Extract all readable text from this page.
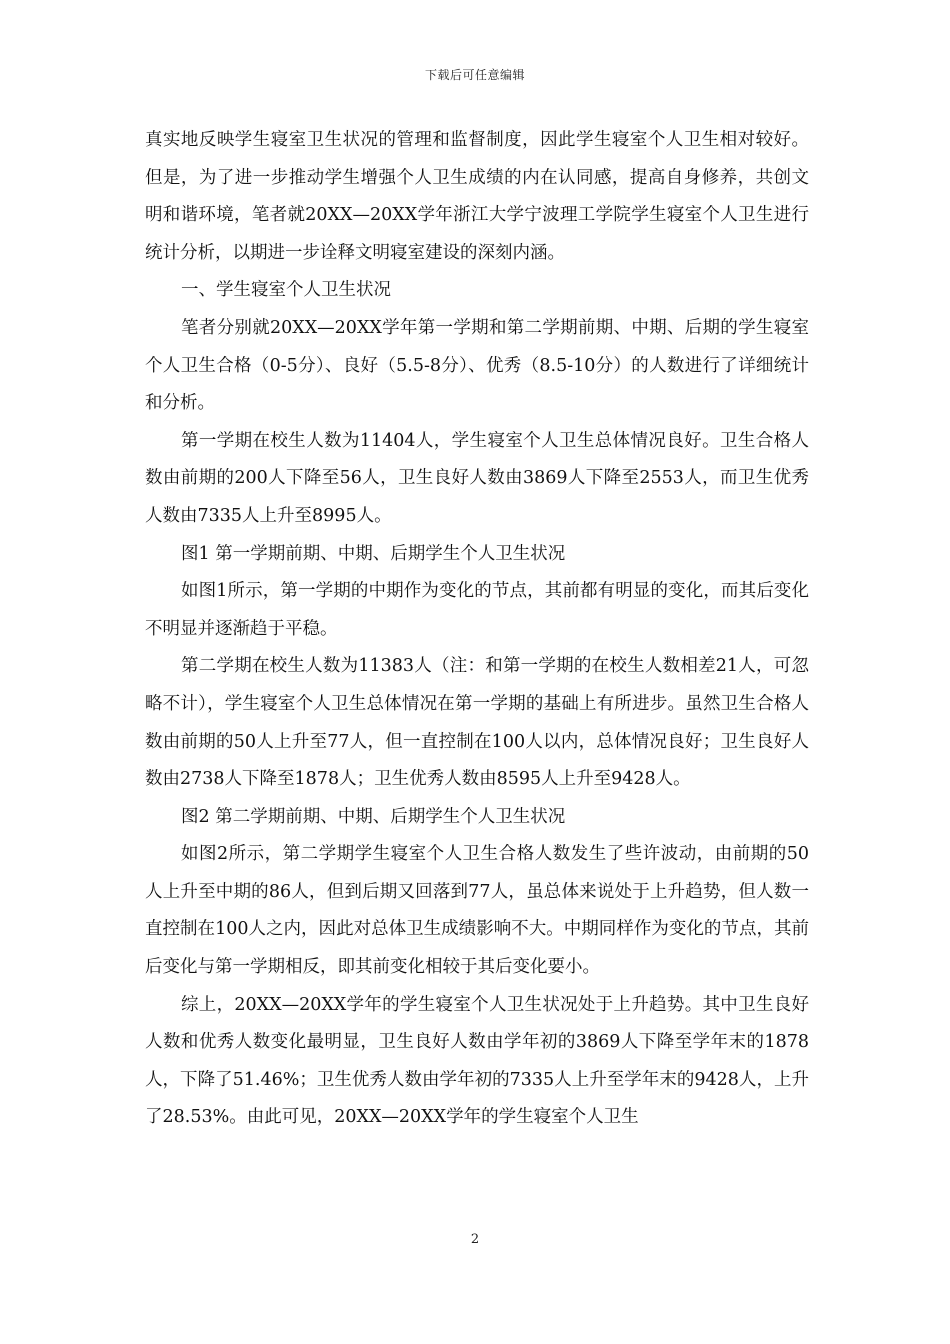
下载后可任意编辑

真实地反映学生寝室卫生状况的管理和监督制度，因此学生寝室个人卫生相对较好。但是，为了进一步推动学生增强个人卫生成绩的内在认同感，提高自身修养，共创文明和谐环境，笔者就20XX—20XX学年浙江大学宁波理工学院学生寝室个人卫生进行统计分析，以期进一步诠释文明寝室建设的深刻内涵。

一、学生寝室个人卫生状况

笔者分别就20XX—20XX学年第一学期和第二学期前期、中期、后期的学生寝室个人卫生合格（0-5分）、良好（5.5-8分）、优秀（8.5-10分）的人数进行了详细统计和分析。

第一学期在校生人数为11404人，学生寝室个人卫生总体情况良好。卫生合格人数由前期的200人下降至56人，卫生良好人数由3869人下降至2553人，而卫生优秀人数由7335人上升至8995人。

图1 第一学期前期、中期、后期学生个人卫生状况

如图1所示，第一学期的中期作为变化的节点，其前都有明显的变化，而其后变化不明显并逐渐趋于平稳。

第二学期在校生人数为11383人（注：和第一学期的在校生人数相差21人，可忽略不计），学生寝室个人卫生总体情况在第一学期的基础上有所进步。虽然卫生合格人数由前期的50人上升至77人，但一直控制在100人以内，总体情况良好；卫生良好人数由2738人下降至1878人；卫生优秀人数由8595人上升至9428人。

图2 第二学期前期、中期、后期学生个人卫生状况

如图2所示，第二学期学生寝室个人卫生合格人数发生了些许波动，由前期的50人上升至中期的86人，但到后期又回落到77人，虽总体来说处于上升趋势，但人数一直控制在100人之内，因此对总体卫生成绩影响不大。中期同样作为变化的节点，其前后变化与第一学期相反，即其前变化相较于其后变化要小。

综上，20XX—20XX学年的学生寝室个人卫生状况处于上升趋势。其中卫生良好人数和优秀人数变化最明显，卫生良好人数由学年初的3869人下降至学年末的1878人，下降了51.46%；卫生优秀人数由学年初的7335人上升至学年末的9428人，上升了28.53%。由此可见，20XX—20XX学年的学生寝室个人卫生

2
